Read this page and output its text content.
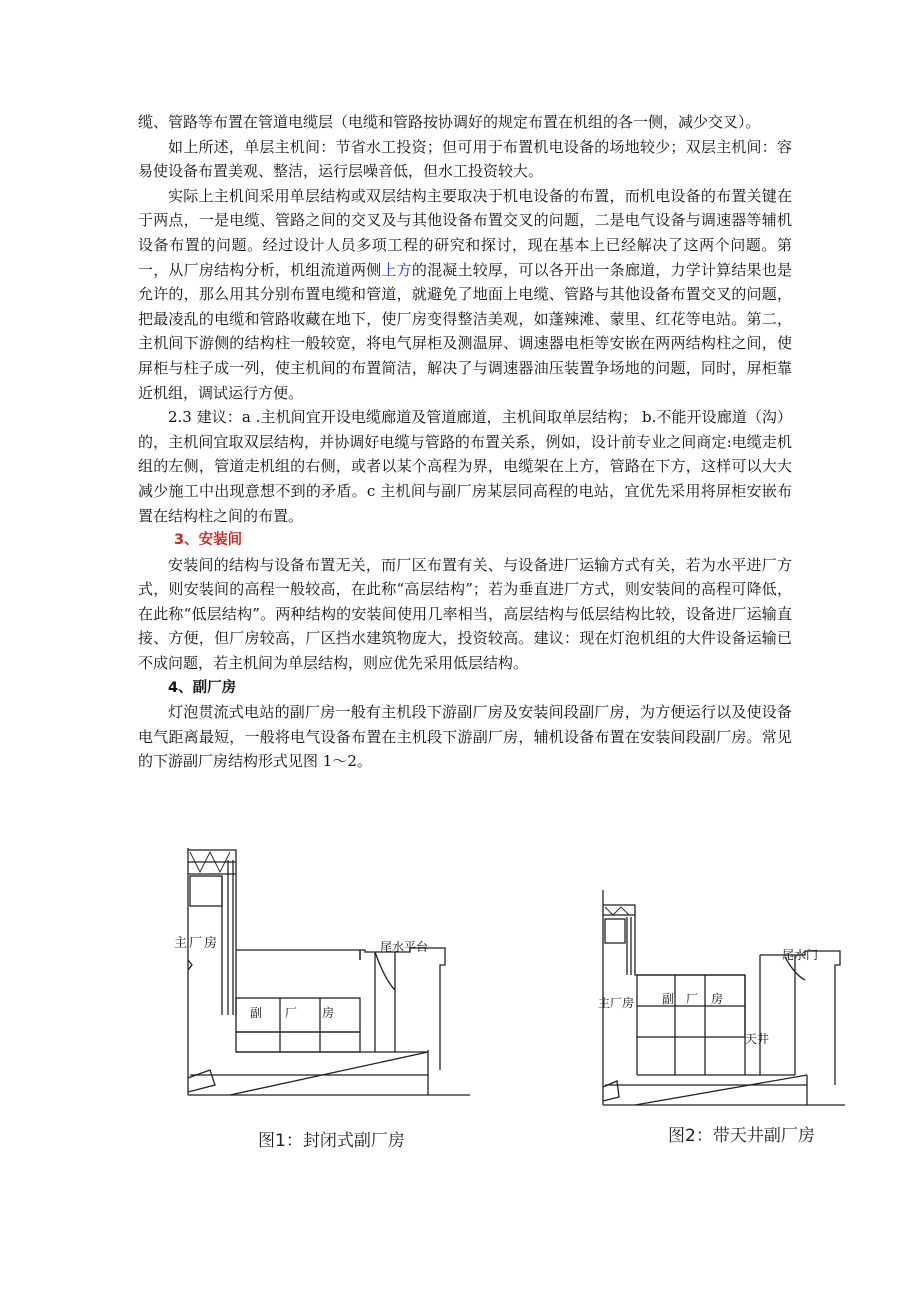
缆、管路等布置在管道电缆层（电缆和管路按协调好的规定布置在机组的各一侧，减少交叉）。

如上所述，单层主机间：节省水工投资；但可用于布置机电设备的场地较少；双层主机间：容易使设备布置美观、整洁，运行层噪音低，但水工投资较大。

实际上主机间采用单层结构或双层结构主要取决于机电设备的布置，而机电设备的布置关键在于两点，一是电缆、管路之间的交叉及与其他设备布置交叉的问题，二是电气设备与调速器等辅机设备布置的问题。经过设计人员多项工程的研究和探讨，现在基本上已经解决了这两个问题。第一，从厂房结构分析，机组流道两侧上方的混凝土较厚，可以各开出一条廊道，力学计算结果也是允许的，那么用其分别布置电缆和管道，就避免了地面上电缆、管路与其他设备布置交叉的问题，把最凌乱的电缆和管路收藏在地下，使厂房变得整洁美观，如蓬辣滩、蒙里、红花等电站。第二，主机间下游侧的结构柱一般较宽，将电气屏柜及测温屏、调速器电柜等安嵌在两两结构柱之间，使屏柜与柱子成一列，使主机间的布置简洁，解决了与调速器油压装置争场地的问题，同时，屏柜靠近机组，调试运行方便。

2.3 建议：a .主机间宜开设电缆廊道及管道廊道，主机间取单层结构； b.不能开设廊道（沟）的，主机间宜取双层结构，并协调好电缆与管路的布置关系，例如，设计前专业之间商定:电缆走机组的左侧，管道走机组的右侧，或者以某个高程为界，电缆架在上方，管路在下方，这样可以大大减少施工中出现意想不到的矛盾。c 主机间与副厂房某层同高程的电站，宜优先采用将屏柜安嵌布置在结构柱之间的布置。

3、安装间

安装间的结构与设备布置无关，而厂区布置有关、与设备进厂运输方式有关，若为水平进厂方式，则安装间的高程一般较高，在此称“高层结构”；若为垂直进厂方式，则安装间的高程可降低，在此称“低层结构”。两种结构的安装间使用几率相当，高层结构与低层结构比较，设备进厂运输直接、方便，但厂房较高，厂区挡水建筑物庞大，投资较高。建议：现在灯泡机组的大件设备运输已不成问题，若主机间为单层结构，则应优先采用低层结构。

4、副厂房

灯泡贯流式电站的副厂房一般有主机段下游副厂房及安装间段副厂房，为方便运行以及使设备电气距离最短，一般将电气设备布置在主机段下游副厂房，辅机设备布置在安装间段副厂房。常见的下游副厂房结构形式见图 1～2。

主 厂 房	尾水平台
副 厂 房
图1：封闭式副厂房
主厂房
尾水门
副 厂 房
天 井
图2：带天井副厂房
